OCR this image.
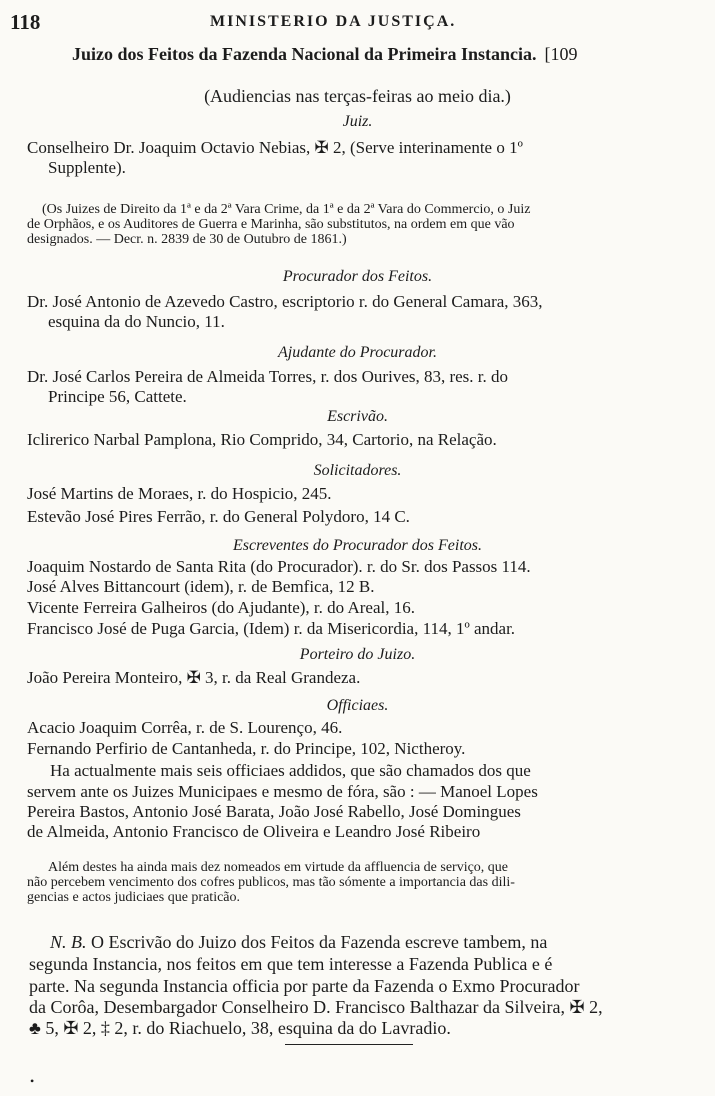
118	MINISTERIO DA JUSTIÇA.
Juizo dos Feitos da Fazenda Nacional da Primeira Instancia. [109
(Audiencias nas terças-feiras ao meio dia.)
Juiz.
Conselheiro Dr. Joaquim Octavio Nebias, ✠ 2, (Serve interinamente o 1º
Supplente).
(Os Juizes de Direito da 1ª e da 2ª Vara Crime, da 1ª e da 2ª Vara do Commercio, o Juiz
de Orphãos, e os Auditores de Guerra e Marinha, são substitutos, na ordem em que vão
designados. — Decr. n. 2839 de 30 de Outubro de 1861.)
Procurador dos Feitos.
Dr. José Antonio de Azevedo Castro, escriptorio r. do General Camara, 363,
esquina da do Nuncio, 11.
Ajudante do Procurador.
Dr. José Carlos Pereira de Almeida Torres, r. dos Ourives, 83, res. r. do
Principe 56, Cattete.
Escrivão.
Iclirerico Narbal Pamplona, Rio Comprido, 34, Cartorio, na Relação.
Solicitadores.
José Martins de Moraes, r. do Hospicio, 245.
Estevão José Pires Ferrão, r. do General Polydoro, 14 C.
Escreventes do Procurador dos Feitos.
Joaquim Nostardo de Santa Rita (do Procurador). r. do Sr. dos Passos 114.
José Alves Bittancourt (idem), r. de Bemfica, 12 B.
Vicente Ferreira Galheiros (do Ajudante), r. do Areal, 16.
Francisco José de Puga Garcia, (Idem) r. da Misericordia, 114, 1º andar.
Porteiro do Juizo.
João Pereira Monteiro, ✠ 3, r. da Real Grandeza.
Officiaes.
Acacio Joaquim Corrêa, r. de S. Lourenço, 46.
Fernando Perfirio de Cantanheda, r. do Principe, 102, Nictheroy.
Ha actualmente mais seis officiaes addidos, que são chamados dos que
servem ante os Juizes Municipaes e mesmo de fóra, são : — Manoel Lopes
Pereira Bastos, Antonio José Barata, João José Rabello, José Domingues
de Almeida, Antonio Francisco de Oliveira e Leandro José Ribeiro
Além destes ha ainda mais dez nomeados em virtude da affluencia de serviço, que
não percebem vencimento dos cofres publicos, mas tão sómente a importancia das dili-
gencias e actos judiciaes que praticão.
N. B. O Escrivão do Juizo dos Feitos da Fazenda escreve tambem, na
segunda Instancia, nos feitos em que tem interesse a Fazenda Publica e é
parte. Na segunda Instancia officia por parte da Fazenda o Exmo Procurador
da Corôa, Desembargador Conselheiro D. Francisco Balthazar da Silveira, ✠ 2,
♣ 5, ✠ 2, ‡ 2, r. do Riachuelo, 38, esquina da do Lavradio.
•
